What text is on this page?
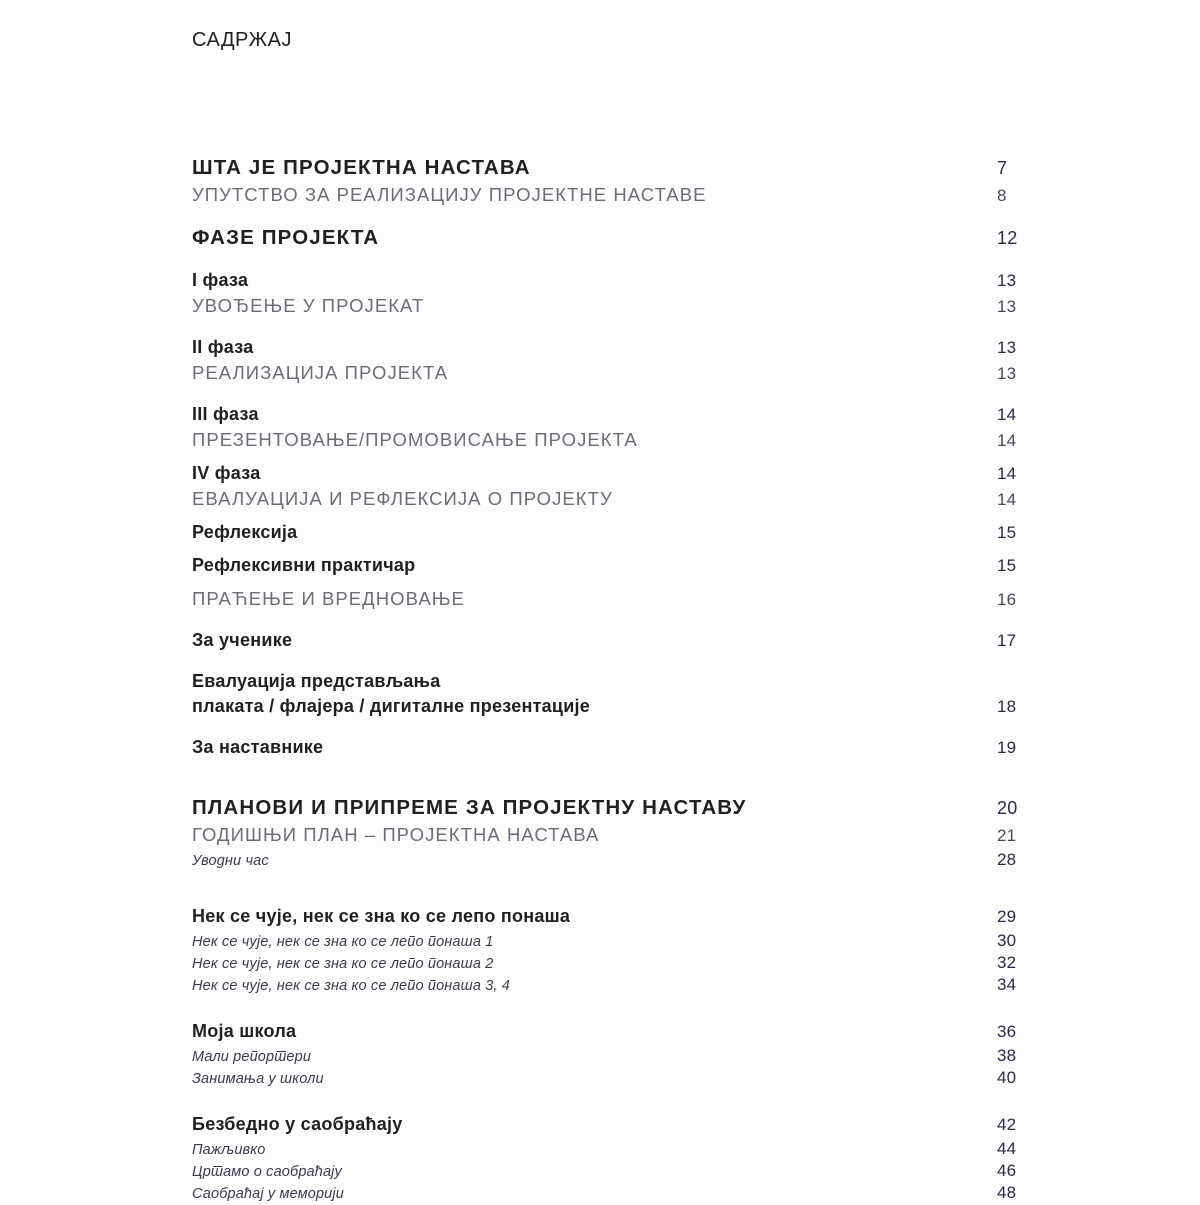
САДРЖАЈ
ШТА ЈЕ ПРОЈЕКТНА НАСТАВА	7
УПУТСТВО ЗА РЕАЛИЗАЦИЈУ ПРОЈЕКТНЕ НАСТАВЕ	8
ФАЗЕ ПРОЈЕКТА	12
I фаза	13
УВОЂЕЊЕ У ПРОЈЕКАТ	13
II фаза	13
РЕАЛИЗАЦИЈА ПРОЈЕКТА	13
III фаза	14
ПРЕЗЕНТОВАЊЕ/ПРОМОВИСАЊЕ ПРОЈЕКТА	14
IV фаза	14
ЕВАЛУАЦИЈА И РЕФЛЕКСИЈА О ПРОЈЕКТУ	14
Рефлексија	15
Рефлексивни практичар	15
ПРАЋЕЊЕ И ВРЕДНОВАЊЕ	16
За ученике	17
Евалуација представљања
плаката / флајера / дигиталне презентације	18
За наставнике	19
ПЛАНОВИ И ПРИПРЕМЕ ЗА ПРОЈЕКТНУ НАСТАВУ	20
ГОДИШЊИ ПЛАН – ПРОЈЕКТНА НАСТАВА	21
Уводни час	28
Нек се чује, нек се зна ко се лепо понаша	29
Нек се чује, нек се зна ко се лепо понаша 1	30
Нек се чује, нек се зна ко се лепо понаша 2	32
Нек се чује, нек се зна ко се лепо понаша 3, 4	34
Моја школа	36
Мали репортери	38
Занимања у школи	40
Безбедно у саобраћају	42
Пажљивко	44
Цртамо о саобраћају	46
Саобраћај у меморији	48
